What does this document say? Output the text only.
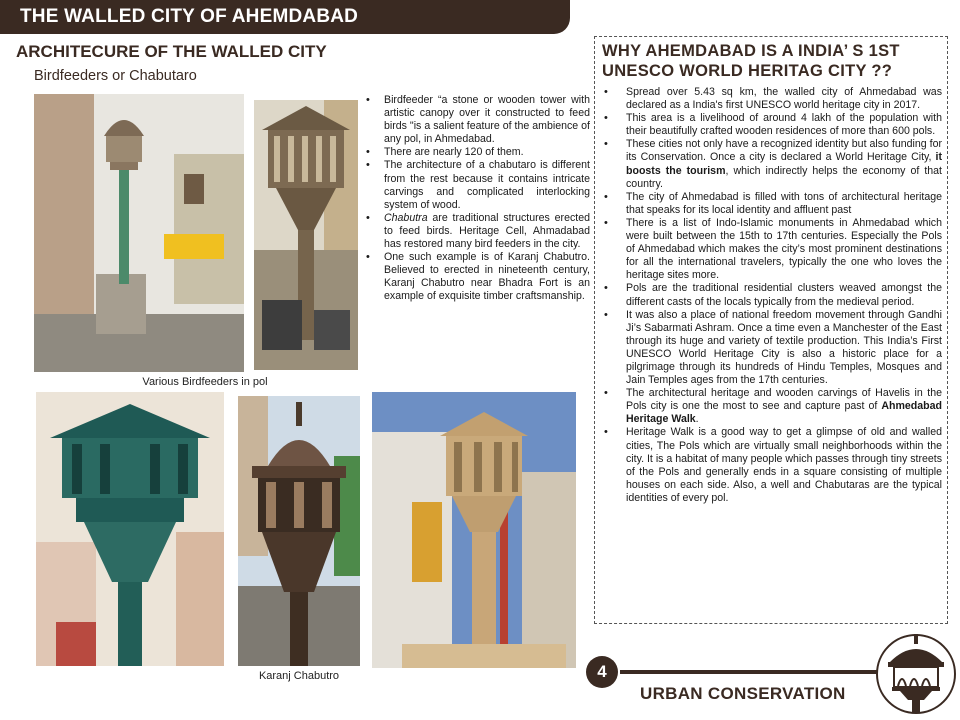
THE WALLED CITY OF AHEMDABAD
ARCHITECURE OF THE WALLED CITY
Birdfeeders or Chabutaro
Various Birdfeeders in pol
Karanj Chabutro
• Birdfeeder “a stone or wooden tower with artistic canopy over it constructed to feed birds "is a salient feature of the ambience of any pol, in Ahmedabad.
• There are nearly 120 of them.
• The architecture of a chabutaro is different from the rest because it contains intricate carvings and complicated interlocking system of wood.
• Chabutra are traditional structures erected to feed birds. Heritage Cell, Ahmadabad has restored many bird feeders in the city.
• One such example is of Karanj Chabutro. Believed to erected in nineteenth century, Karanj Chabutro near Bhadra Fort is an example of exquisite timber craftsmanship.
WHY AHEMDABAD IS A INDIA’ S 1ST UNESCO WORLD HERITAG CITY ??
• Spread over 5.43 sq km, the walled city of Ahmedabad was declared as a India's first UNESCO world heritage city in 2017.
• This area is a livelihood of around 4 lakh of the population with their beautifully crafted wooden residences of more than 600 pols.
• These cities not only have a recognized identity but also funding for its Conservation. Once a city is declared a World Heritage City, it boosts the tourism, which indirectly helps the economy of that country.
• The city of Ahmedabad is filled with tons of architectural heritage that speaks for its local identity and affluent past
• There is a list of Indo-Islamic monuments in Ahmedabad which were built between the 15th to 17th centuries. Especially the Pols of Ahmedabad which makes the city’s most prominent destinations for all the international travelers, typically the one who loves the heritage sites more.
• Pols are the traditional residential clusters weaved amongst the different casts of the locals typically from the medieval period.
• It was also a place of national freedom movement through Gandhi Ji’s Sabarmati Ashram. Once a time even a Manchester of the East through its huge and variety of textile production. This India’s First UNESCO World Heritage City is also a historic place for a pilgrimage through its hundreds of Hindu Temples, Mosques and Jain Temples ages from the 17th centuries.
• The architectural heritage and wooden carvings of Havelis in the Pols city is one the most to see and capture past of Ahmedabad Heritage Walk.
• Heritage Walk is a good way to get a glimpse of old and walled cities, The Pols which are virtually small neighborhoods within the city. It is a habitat of many people which passes through tiny streets of the Pols and generally ends in a square consisting of multiple houses on each side. Also, a well and Chabutaras are the typical identities of every pol.
4
URBAN CONSERVATION
